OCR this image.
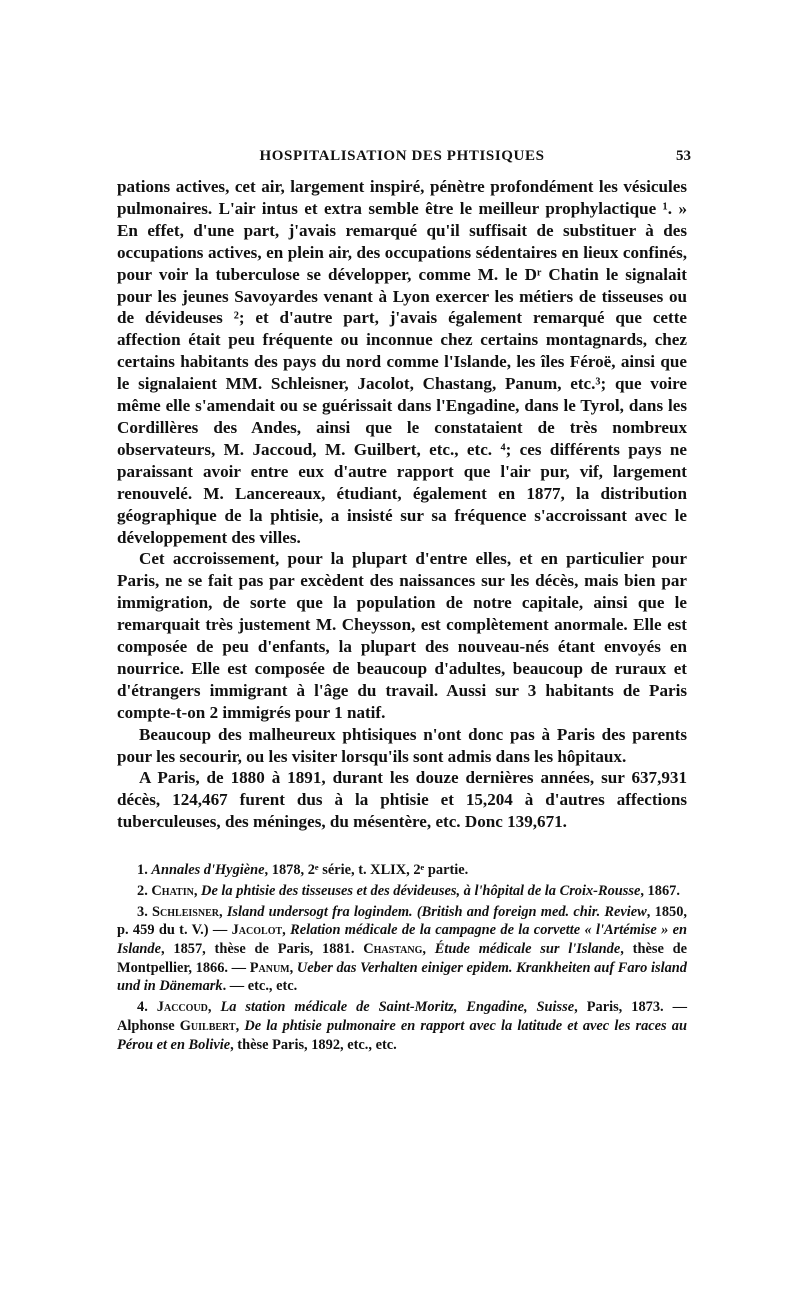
HOSPITALISATION DES PHTISIQUES	53

pations actives, cet air, largement inspiré, pénètre profondément les vésicules pulmonaires. L'air intus et extra semble être le meilleur prophylactique ¹. » En effet, d'une part, j'avais remarqué qu'il suffisait de substituer à des occupations actives, en plein air, des occupations sédentaires en lieux confinés, pour voir la tuberculose se développer, comme M. le Dʳ Chatin le signalait pour les jeunes Savoyardes venant à Lyon exercer les métiers de tisseuses ou de dévideuses ²; et d'autre part, j'avais également remarqué que cette affection était peu fréquente ou inconnue chez certains montagnards, chez certains habitants des pays du nord comme l'Islande, les îles Féroë, ainsi que le signalaient MM. Schleisner, Jacolot, Chastang, Panum, etc.³; que voire même elle s'amendait ou se guérissait dans l'Engadine, dans le Tyrol, dans les Cordillères des Andes, ainsi que le constataient de très nombreux observateurs, M. Jaccoud, M. Guilbert, etc., etc. ⁴; ces différents pays ne paraissant avoir entre eux d'autre rapport que l'air pur, vif, largement renouvelé. M. Lancereaux, étudiant, également en 1877, la distribution géographique de la phtisie, a insisté sur sa fréquence s'accroissant avec le développement des villes.

Cet accroissement, pour la plupart d'entre elles, et en particulier pour Paris, ne se fait pas par excèdent des naissances sur les décès, mais bien par immigration, de sorte que la population de notre capitale, ainsi que le remarquait très justement M. Cheysson, est complètement anormale. Elle est composée de peu d'enfants, la plupart des nouveau-nés étant envoyés en nourrice. Elle est composée de beaucoup d'adultes, beaucoup de ruraux et d'étrangers immigrant à l'âge du travail. Aussi sur 3 habitants de Paris compte-t-on 2 immigrés pour 1 natif.

Beaucoup des malheureux phtisiques n'ont donc pas à Paris des parents pour les secourir, ou les visiter lorsqu'ils sont admis dans les hôpitaux.

A Paris, de 1880 à 1891, durant les douze dernières années, sur 637,931 décès, 124,467 furent dus à la phtisie et 15,204 à d'autres affections tuberculeuses, des méninges, du mésentère, etc. Donc 139,671.

1. Annales d'Hygiène, 1878, 2ᵉ série, t. XLIX, 2ᵉ partie.

2. Chatin, De la phtisie des tisseuses et des dévideuses, à l'hôpital de la Croix-Rousse, 1867.

3. Schleisner, Island undersogt fra logindem. (British and foreign med. chir. Review, 1850, p. 459 du t. V.) — Jacolot, Relation médicale de la campagne de la corvette « l'Artémise » en Islande, 1857, thèse de Paris, 1881. Chastang, Étude médicale sur l'Islande, thèse de Montpellier, 1866. — Panum, Ueber das Verhalten einiger epidem. Krankheiten auf Faro island und in Dänemark. — etc., etc.

4. Jaccoud, La station médicale de Saint-Moritz, Engadine, Suisse, Paris, 1873. — Alphonse Guilbert, De la phtisie pulmonaire en rapport avec la latitude et avec les races au Pérou et en Bolivie, thèse Paris, 1892, etc., etc.
